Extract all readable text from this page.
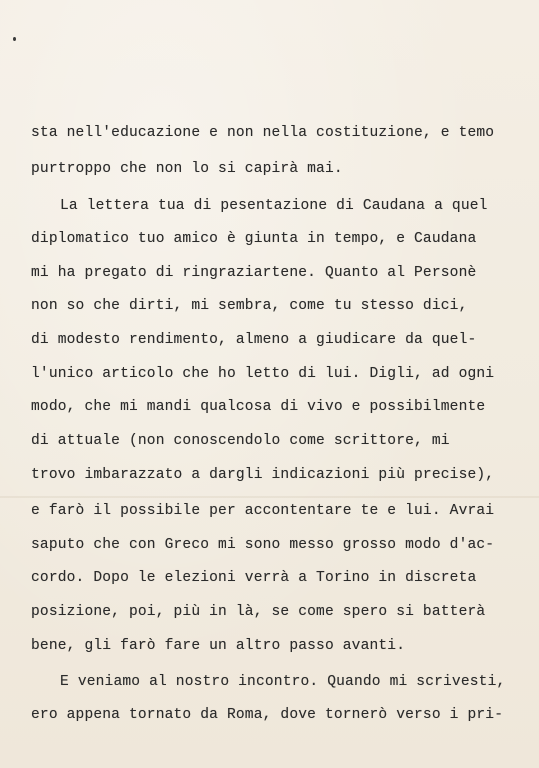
sta nell'educazione e non nella costituzione, e temo
purtroppo che non lo si capirà mai.
La lettera tua di pesentazione di Caudana a quel
diplomatico tuo amico è giunta in tempo, e Caudana
mi ha pregato di ringraziartene. Quanto al Personè
non so che dirti, mi sembra, come tu stesso dici,
di modesto rendimento, almeno a giudicare da quel-
l'unico articolo che ho letto di lui. Digli, ad ogni
modo, che mi mandi qualcosa di vivo e possibilmente
di attuale (non conoscendolo come scrittore, mi
trovo imbarazzato a dargli indicazioni più precise),
e farò il possibile per accontentare te e lui. Avrai
saputo che con Greco mi sono messo grosso modo d'ac-
cordo. Dopo le elezioni verrà a Torino in discreta
posizione, poi, più in là, se come spero si batterà
bene, gli farò fare un altro passo avanti.
E veniamo al nostro incontro. Quando mi scrivesti,
ero appena tornato da Roma, dove tornerò verso i pri-
